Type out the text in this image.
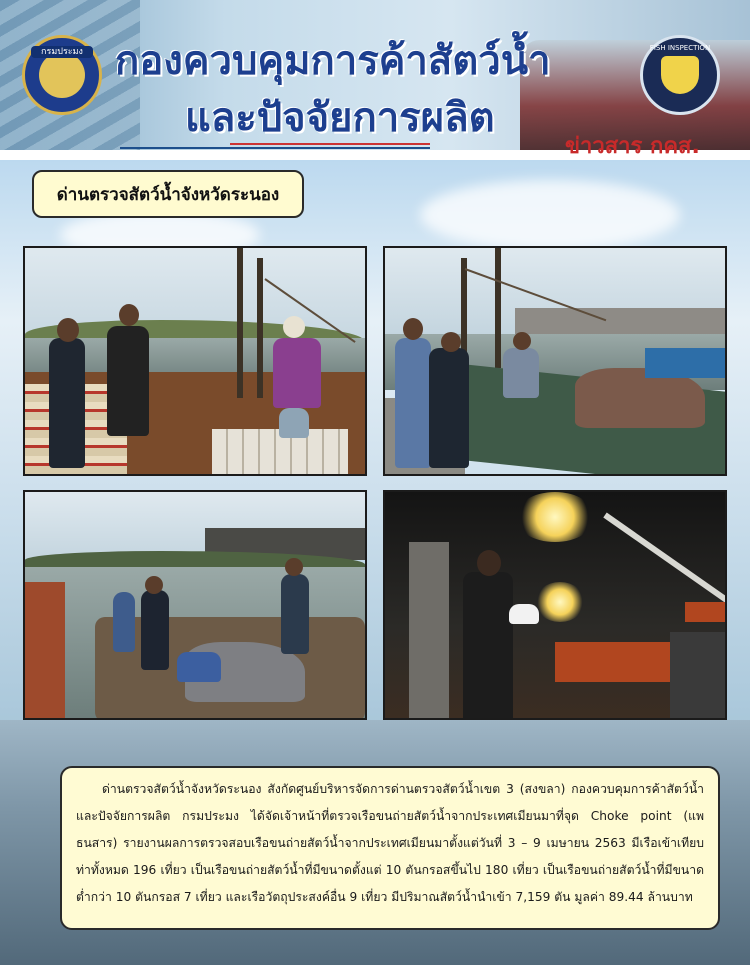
กรมประมง	FISH INSPECTION
กองควบคุมการค้าสัตว์น้ำ
และปัจจัยการผลิต
ข่าวสาร กคส.
ด่านตรวจสัตว์น้ำจังหวัดระนอง

ด่านตรวจสัตว์น้ำจังหวัดระนอง สังกัดศูนย์บริหารจัดการด่านตรวจสัตว์น้ำเขต 3 (สงขลา) กองควบคุมการค้าสัตว์น้ำและปัจจัยการผลิต กรมประมง ได้จัดเจ้าหน้าที่ตรวจเรือขนถ่ายสัตว์น้ำจากประเทศเมียนมาที่จุด Choke point (แพธนสาร) รายงานผลการตรวจสอบเรือขนถ่ายสัตว์น้ำจากประเทศเมียนมาตั้งแต่วันที่ 3 – 9 เมษายน 2563 มีเรือเข้าเทียบท่าทั้งหมด 196 เที่ยว เป็นเรือขนถ่ายสัตว์น้ำที่มีขนาดตั้งแต่ 10 ตันกรอสขึ้นไป 180 เที่ยว เป็นเรือขนถ่ายสัตว์น้ำที่มีขนาดต่ำกว่า 10 ตันกรอส 7 เที่ยว และเรือวัตถุประสงค์อื่น 9 เที่ยว มีปริมาณสัตว์น้ำนำเข้า 7,159 ตัน มูลค่า 89.44 ล้านบาท
